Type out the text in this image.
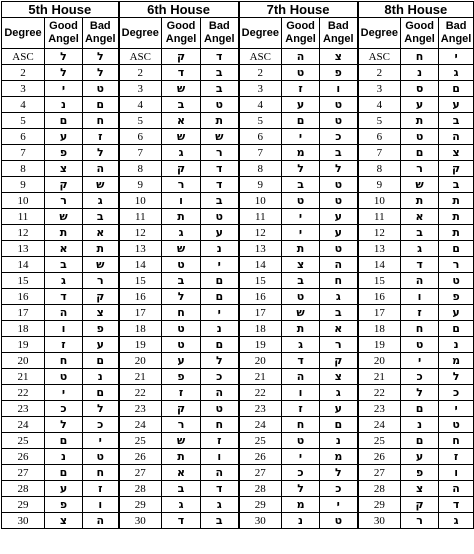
5th House			6th House			7th House			8th House		
Degree	Good Angel	Bad Angel	Degree	Good Angel	Bad Angel	Degree	Good Angel	Bad Angel	Degree	Good Angel	Bad Angel
ASC	ל	ל	ASC	ק	ד	ASC	ה	צ	ASC	ח	י
2	ל	ל	2	ד	ב	2	ט	פ	2	נ	ג
3	י	ט	3	ש	ב	3	ז	ו	3	ס	ם
4	נ	ם	4	ב	ט	4	ע	ט	4	ע	ע
5	ם	ח	5	א	ת	5	ם	ט	5	ת	ב
6	ע	ז	6	ש	ש	6	י	כ	6	ט	ה
7	פ	ל	7	ג	ר	7	מ	ב	7	ם	צ
8	צ	ה	8	ק	ד	8	ל	ל	8	ר	ק
9	ק	ש	9	ר	ד	9	ב	ט	9	ש	ב
10	ר	ג	10	ו	ב	10	ט	ט	10	ת	ת
11	ש	ב	11	ת	ט	11	י	ע	11	א	ת
12	ת	א	12	ג	ע	12	י	ע	12	ב	ת
13	א	ת	13	ש	נ	13	ת	ט	13	ג	ם
14	ב	ש	14	ט	י	14	צ	ה	14	ד	ר
15	ג	ר	15	ב	ם	15	ב	ח	15	ה	ט
16	ד	ק	16	ל	ם	16	ט	ג	16	ו	פ
17	ה	צ	17	ח	י	17	ש	ב	17	ז	ע
18	ו	פ	18	ט	נ	18	ת	א	18	ח	ם
19	ז	ע	19	ט	ם	19	ג	ר	19	ט	נ
20	ח	ם	20	ע	ל	20	ד	ק	20	י	מ
21	ט	נ	21	פ	כ	21	ה	צ	21	כ	ל
22	י	ם	22	ז	ה	22	ו	ג	22	ל	כ
23	כ	ל	23	ק	ט	23	ז	ע	23	ם	י
24	ל	כ	24	ר	ח	24	ח	ם	24	נ	ט
25	ם	י	25	ש	ז	25	ט	נ	25	ם	ח
26	נ	ט	26	ת	ו	26	י	מ	26	ע	ז
27	ם	ח	27	א	ה	27	כ	ל	27	פ	ו
28	ע	ז	28	ב	ד	28	ל	כ	28	צ	ה
29	פ	ו	29	ג	ג	29	מ	י	29	ק	ד
30	צ	ה	30	ד	ב	30	נ	ט	30	ר	ג
